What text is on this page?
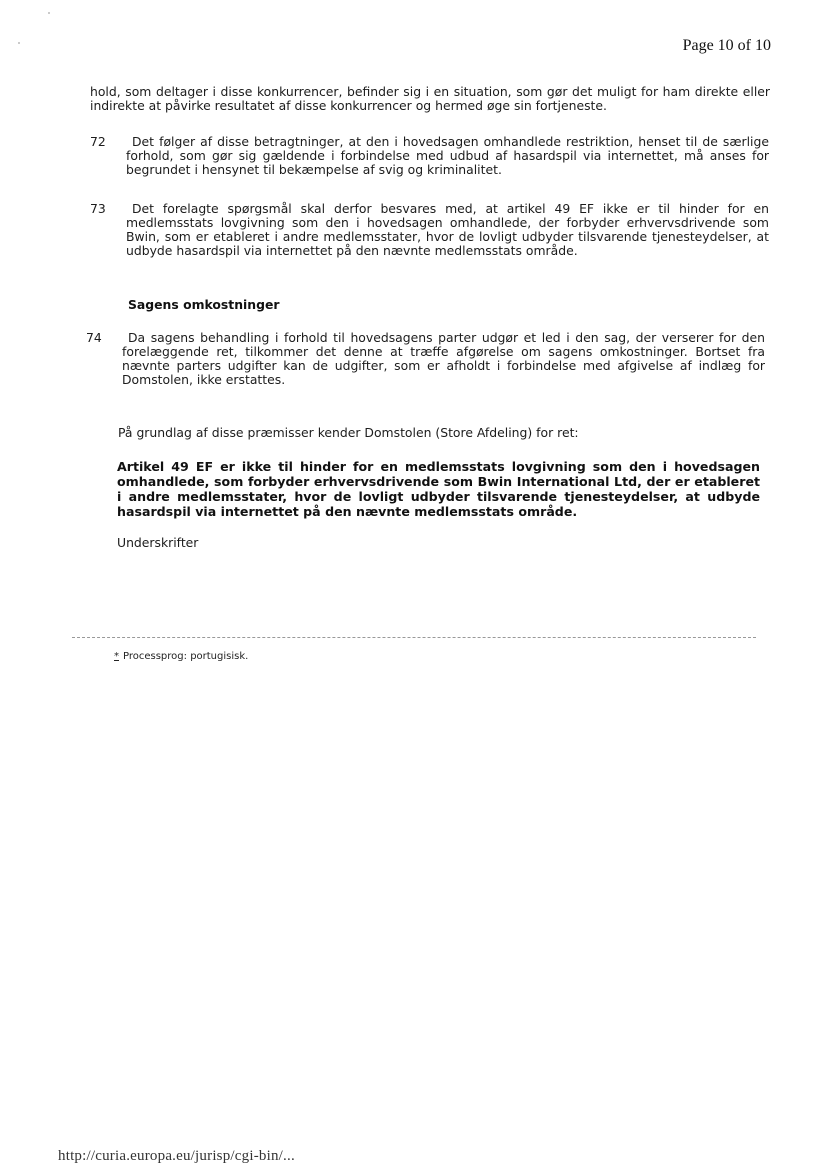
Page 10 of 10
hold, som deltager i disse konkurrencer, befinder sig i en situation, som gør det muligt for ham direkte eller indirekte at påvirke resultatet af disse konkurrencer og hermed øge sin fortjeneste.
72	Det følger af disse betragtninger, at den i hovedsagen omhandlede restriktion, henset til de særlige forhold, som gør sig gældende i forbindelse med udbud af hasardspil via internettet, må anses for begrundet i hensynet til bekæmpelse af svig og kriminalitet.
73	Det forelagte spørgsmål skal derfor besvares med, at artikel 49 EF ikke er til hinder for en medlemsstats lovgivning som den i hovedsagen omhandlede, der forbyder erhvervsdrivende som Bwin, som er etableret i andre medlemsstater, hvor de lovligt udbyder tilsvarende tjenesteydelser, at udbyde hasardspil via internettet på den nævnte medlemsstats område.
Sagens omkostninger
74	Da sagens behandling i forhold til hovedsagens parter udgør et led i den sag, der verserer for den forelæggende ret, tilkommer det denne at træffe afgørelse om sagens omkostninger. Bortset fra nævnte parters udgifter kan de udgifter, som er afholdt i forbindelse med afgivelse af indlæg for Domstolen, ikke erstattes.
På grundlag af disse præmisser kender Domstolen (Store Afdeling) for ret:
Artikel 49 EF er ikke til hinder for en medlemsstats lovgivning som den i hovedsagen omhandlede, som forbyder erhvervsdrivende som Bwin International Ltd, der er etableret i andre medlemsstater, hvor de lovligt udbyder tilsvarende tjenesteydelser, at udbyde hasardspil via internettet på den nævnte medlemsstats område.
Underskrifter
* Processprog: portugisisk.
http://curia.europa.eu/jurisp/cgi-bin/...
